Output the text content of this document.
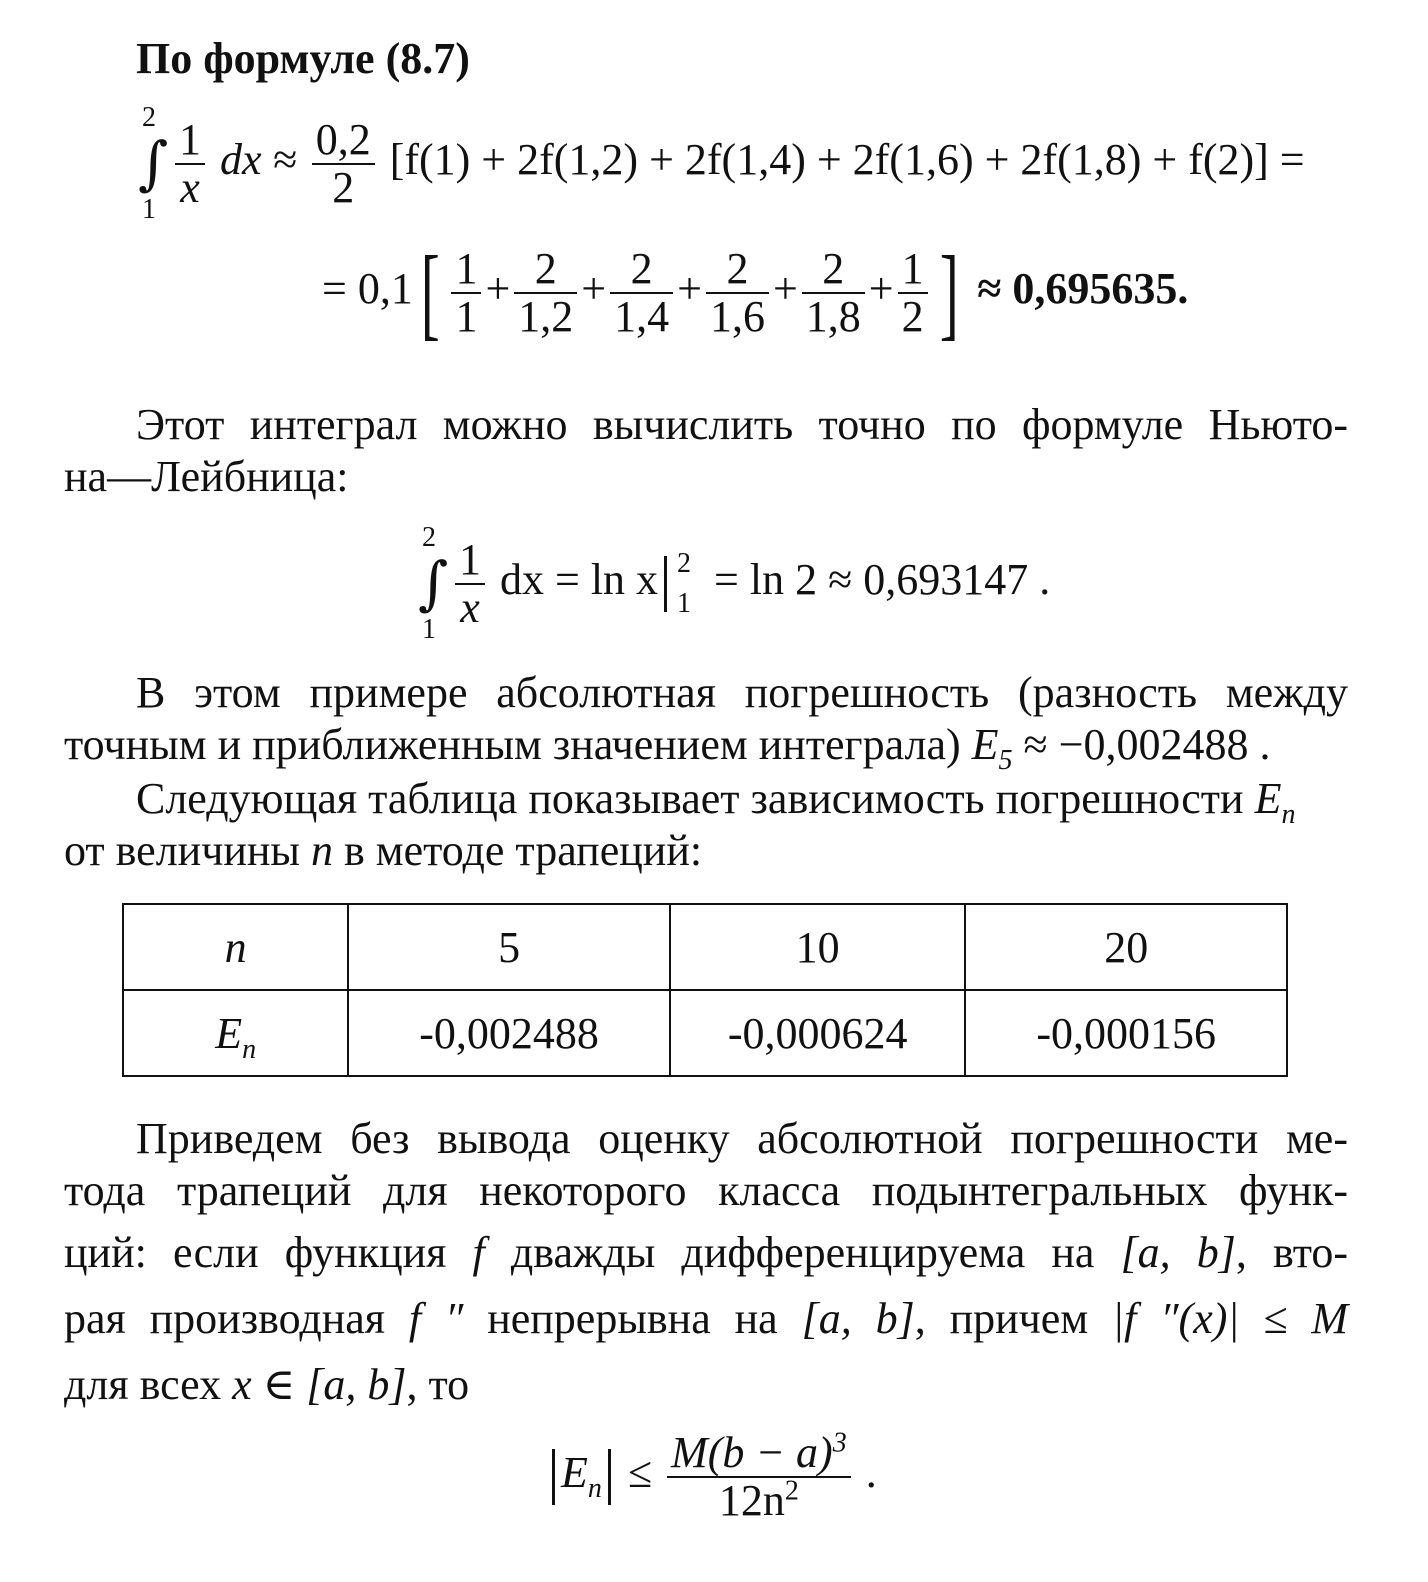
По формуле (8.7)
2
∫
1
$\frac{1}{x}$ dx ≈ $\frac{0,2}{2} [f(1) + 2f(1,2) + 2f(1,4) + 2f(1,6) + 2f(1,8) + f(2)]$ =
= $0,1[ \frac{1}{1} + \frac{2}{1,2} + \frac{2}{1,4} + \frac{2}{1,6} + \frac{2}{1,8} + \frac{1}{2}$ ] ≈ 0,695635.
Этот интеграл можно вычислить точно по формуле Ньюто-
на—Лейбница:
2
∫
1
$\frac{1}{x}$ dx = ln x 2
1 = ln 2 ≈ 0,693147 .
В этом примере абсолютная погрешность (разность между
точным и приближенным значением интеграла) $E_5 \approx -0,002488$ .
Следующая таблица показывает зависимость погрешности $E_n$
от величины n в методе трапеций:
n	5	10	20
$E_n$	-0,002488	-0,000624	-0,000156
Приведем без вывода оценку абсолютной погрешности ме-
тода трапеций для некоторого класса подынтегральных функ-
ций: если функция f дважды дифференцируема на [a, b], вто-
рая производная f ″ непрерывна на [a, b], причем |f ″(x)| ≤ M
для всех x ∈ [a, b], то
$E_n \le \frac{M(b - a)^3}{12n^2}$ .
